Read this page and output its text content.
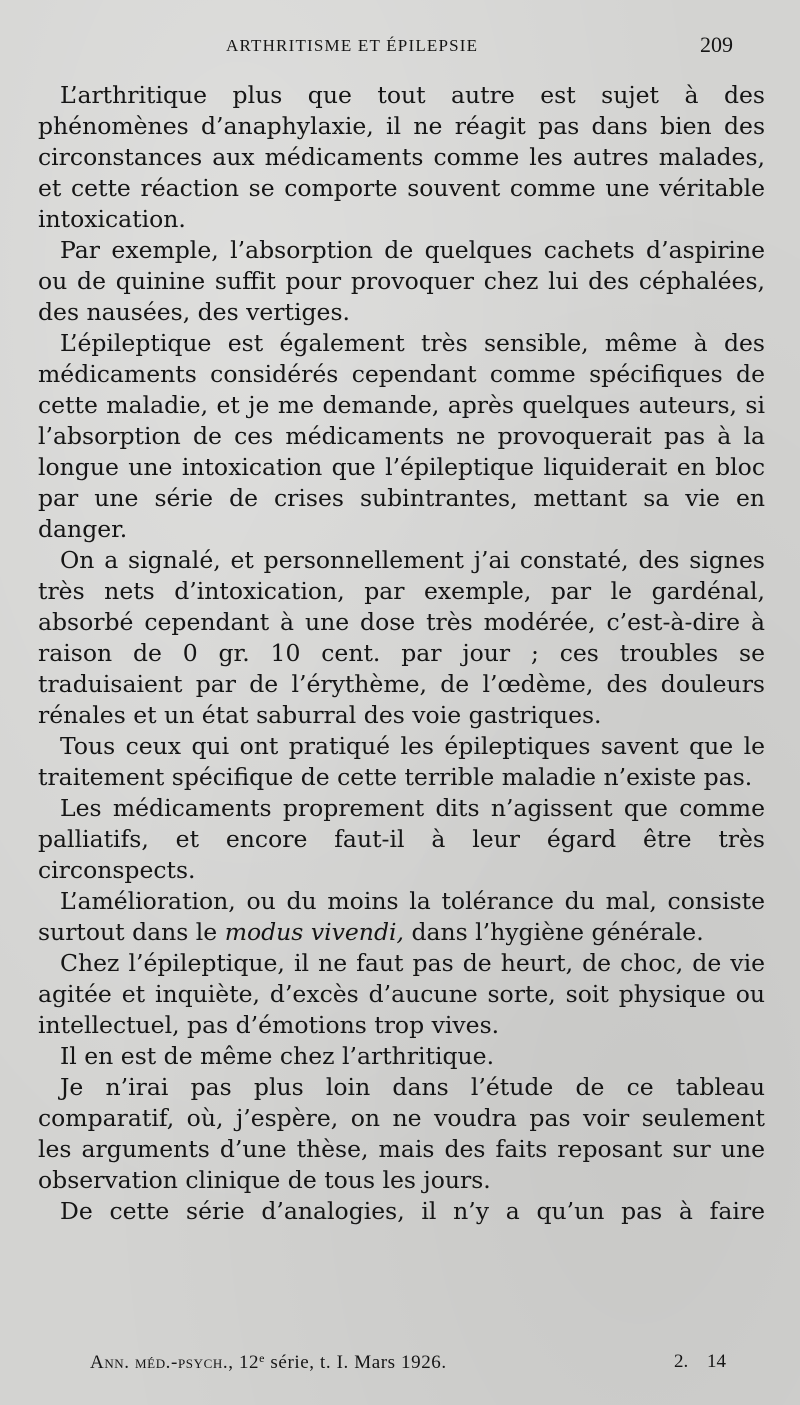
ARTHRITISME ET ÉPILEPSIE	209

L’arthritique plus que tout autre est sujet à des phénomènes d’anaphylaxie, il ne réagit pas dans bien des circonstances aux médicaments comme les autres malades, et cette réaction se comporte souvent comme une véritable intoxication.

Par exemple, l’absorption de quelques cachets d’aspirine ou de quinine suffit pour provoquer chez lui des céphalées, des nausées, des vertiges.

L’épileptique est également très sensible, même à des médicaments considérés cependant comme spécifiques de cette maladie, et je me demande, après quelques auteurs, si l’absorption de ces médicaments ne provoquerait pas à la longue une intoxication que l’épileptique liquiderait en bloc par une série de crises subintrantes, mettant sa vie en danger.

On a signalé, et personnellement j’ai constaté, des signes très nets d’intoxication, par exemple, par le gardénal, absorbé cependant à une dose très modérée, c’est-à-dire à raison de 0 gr. 10 cent. par jour ; ces troubles se traduisaient par de l’érythème, de l’œdème, des douleurs rénales et un état saburral des voie gastriques.

Tous ceux qui ont pratiqué les épileptiques savent que le traitement spécifique de cette terrible maladie n’existe pas.

Les médicaments proprement dits n’agissent que comme palliatifs, et encore faut-il à leur égard être très circonspects.

L’amélioration, ou du moins la tolérance du mal, consiste surtout dans le modus vivendi, dans l’hygiène générale.

Chez l’épileptique, il ne faut pas de heurt, de choc, de vie agitée et inquiète, d’excès d’aucune sorte, soit physique ou intellectuel, pas d’émotions trop vives.

Il en est de même chez l’arthritique.

Je n’irai pas plus loin dans l’étude de ce tableau comparatif, où, j’espère, on ne voudra pas voir seulement les arguments d’une thèse, mais des faits reposant sur une observation clinique de tous les jours.

De cette série d’analogies, il n’y a qu’un pas à faire

Ann. méd.-psych., 12e série, t. I. Mars 1926.	2. 14
